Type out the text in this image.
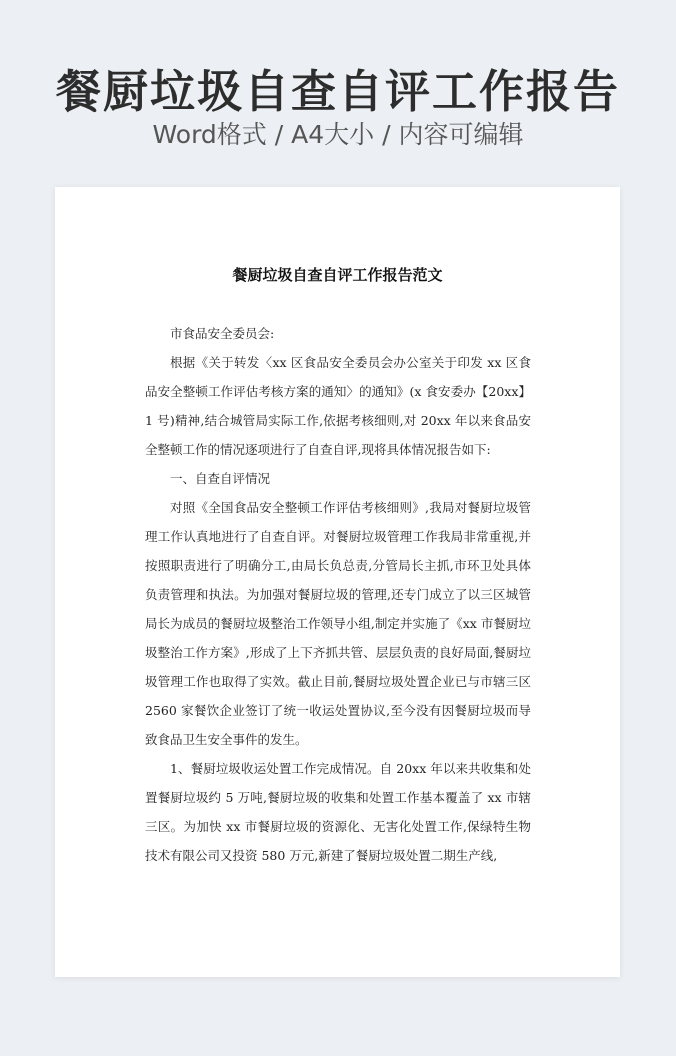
餐厨垃圾自查自评工作报告
Word格式 / A4大小 / 内容可编辑
餐厨垃圾自查自评工作报告范文

市食品安全委员会:

根据《关于转发〈xx 区食品安全委员会办公室关于印发 xx 区食品安全整顿工作评估考核方案的通知〉的通知》(x 食安委办【20xx】1 号)精神,结合城管局实际工作,依据考核细则,对 20xx 年以来食品安全整顿工作的情况逐项进行了自查自评,现将具体情况报告如下:

一、自查自评情况

对照《全国食品安全整顿工作评估考核细则》,我局对餐厨垃圾管理工作认真地进行了自查自评。对餐厨垃圾管理工作我局非常重视,并按照职责进行了明确分工,由局长负总责,分管局长主抓,市环卫处具体负责管理和执法。为加强对餐厨垃圾的管理,还专门成立了以三区城管局长为成员的餐厨垃圾整治工作领导小组,制定并实施了《xx 市餐厨垃圾整治工作方案》,形成了上下齐抓共管、层层负责的良好局面,餐厨垃圾管理工作也取得了实效。截止目前,餐厨垃圾处置企业已与市辖三区 2560 家餐饮企业签订了统一收运处置协议,至今没有因餐厨垃圾而导致食品卫生安全事件的发生。

1、餐厨垃圾收运处置工作完成情况。自 20xx 年以来共收集和处置餐厨垃圾约 5 万吨,餐厨垃圾的收集和处置工作基本覆盖了 xx 市辖三区。为加快 xx 市餐厨垃圾的资源化、无害化处置工作,保绿特生物技术有限公司又投资 580 万元,新建了餐厨垃圾处置二期生产线,
